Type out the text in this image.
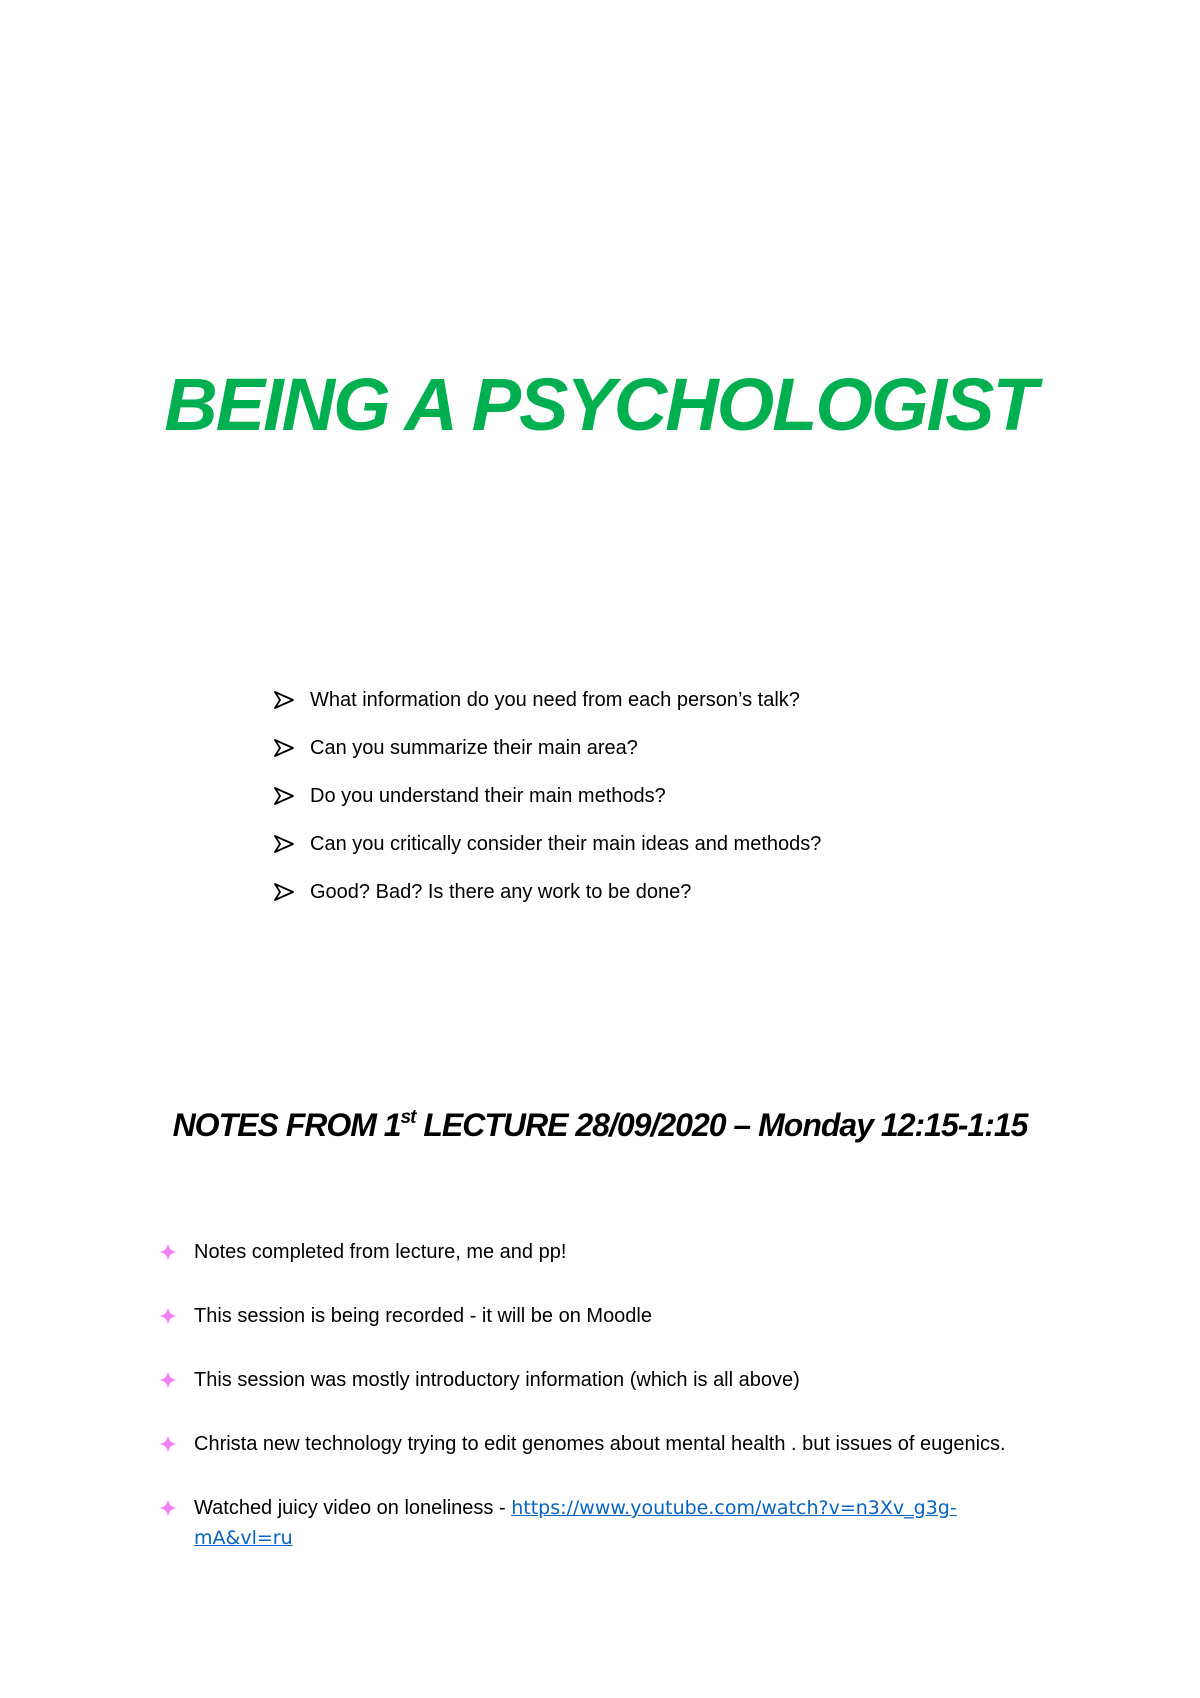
BEING A PSYCHOLOGIST
What information do you need from each person’s talk?
Can you summarize their main area?
Do you understand their main methods?
Can you critically consider their main ideas and methods?
Good? Bad? Is there any work to be done?
NOTES FROM 1st LECTURE 28/09/2020 – Monday 12:15-1:15
Notes completed from lecture, me and pp!
This session is being recorded - it will be on Moodle
This session was mostly introductory information (which is all above)
Christa new technology trying to edit genomes about mental health . but issues of eugenics.
Watched juicy video on loneliness - https://www.youtube.com/watch?v=n3Xv_g3g-
mA&vl=ru
